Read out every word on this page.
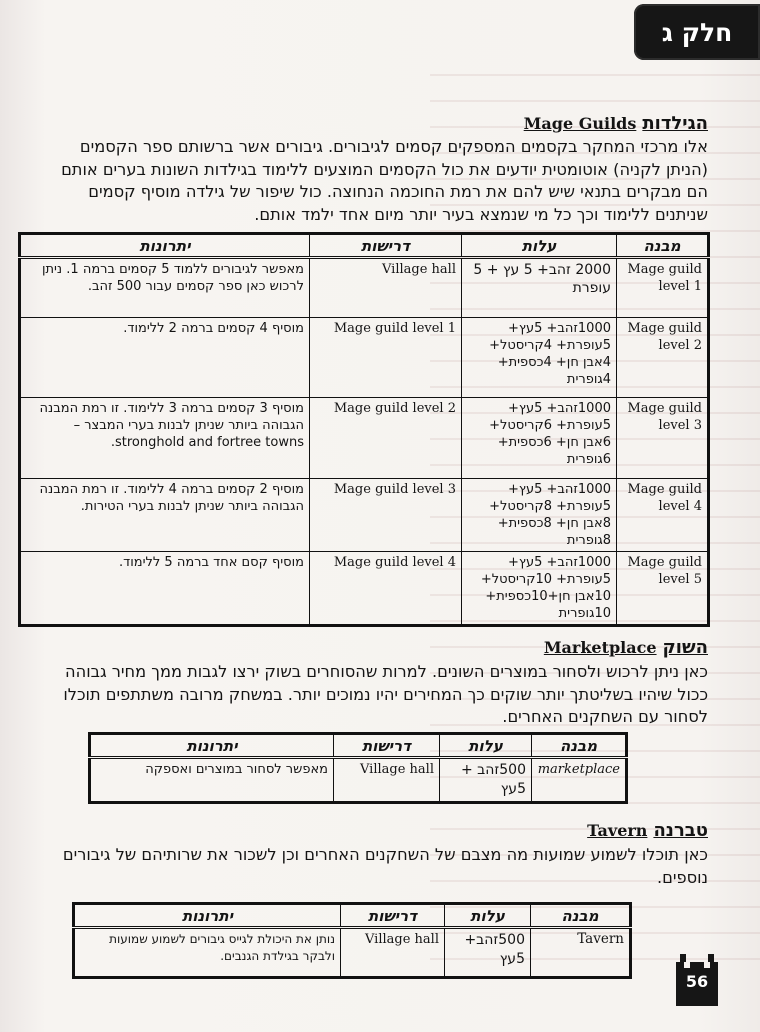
חלק ג
הגילדות
Mage Guilds

אלו מרכזי המחקר בקסמים המספקים קסמים לגיבורים. גיבורים אשר ברשותם ספר הקסמים (הניתן לקניה) אוטומטית יודעים את כול הקסמים המוצעים ללימוד בגילדות השונות בערים אותם הם מבקרים בתנאי שיש להם את רמת החוכמה הנחוצה. כול שיפור של גילדה מוסיף קסמים שניתנים ללימוד וכך כל מי שנמצא בעיר יותר מיום אחד ילמד אותם.

מבנה	עלות	דרישות	יתרונות
Mage guild level 1	2000 זהב+ 5 עץ + 5 עופרת	Village hall	מאפשר לגיבורים ללמוד 5 קסמים ברמה 1. ניתן לרכוש כאן ספר קסמים עבור 500 זהב.
Mage guild level 2	1000זהב+ 5עץ+ 5עופרת+ 4קריסטל+ 4אבן חן+ 4כספית+ 4גופרית	Mage guild level 1	מוסיף 4 קסמים ברמה 2 ללימוד.
Mage guild level 3	1000זהב+ 5עץ+ 5עופרת+ 6קריסטל+ 6אבן חן+ 6כספית+ 6גופרית	Mage guild level 2	מוסיף 3 קסמים ברמה 3 ללימוד. זו רמת המבנה הגבוהה ביותר שניתן לבנות בערי המבצר – stronghold and fortree towns.
Mage guild level 4	1000זהב+ 5עץ+ 5עופרת+ 8קריסטל+ 8אבן חן+ 8כספית+ 8גופרית	Mage guild level 3	מוסיף 2 קסמים ברמה 4 ללימוד. זו רמת המבנה הגבוהה ביותר שניתן לבנות בערי הטירות.
Mage guild level 5	1000זהב+ 5עץ+ 5עופרת+ 10קריסטל+ 10אבן חן+10כספית+ 10גופרית	Mage guild level 4	מוסיף קסם אחד ברמה 5 ללימוד.
השוק
Marketplace

כאן ניתן לרכוש ולסחור במוצרים השונים. למרות שהסוחרים בשוק ירצו לגבות ממך מחיר גבוהה ככול שיהיו בשליטתך יותר שוקים כך המחירים יהיו נמוכים יותר. במשחק מרובה משתתפים תוכלו לסחור עם השחקנים האחרים.

מבנה	עלות	דרישות	יתרונות
marketplace	500זהב + 5עץ	Village hall	מאפשר לסחור במוצרים ואספקה
טברנה
Tavern

כאן תוכלו לשמוע שמועות מה מצבם של השחקנים האחרים וכן לשכור את שרותיהם של גיבורים נוספים.

מבנה	עלות	דרישות	יתרונות
Tavern	500זהב+ 5עץ	Village hall	נותן את היכולת לגייס גיבורים לשמוע שמועות ולבקר בגילדת הגנבים.
56
